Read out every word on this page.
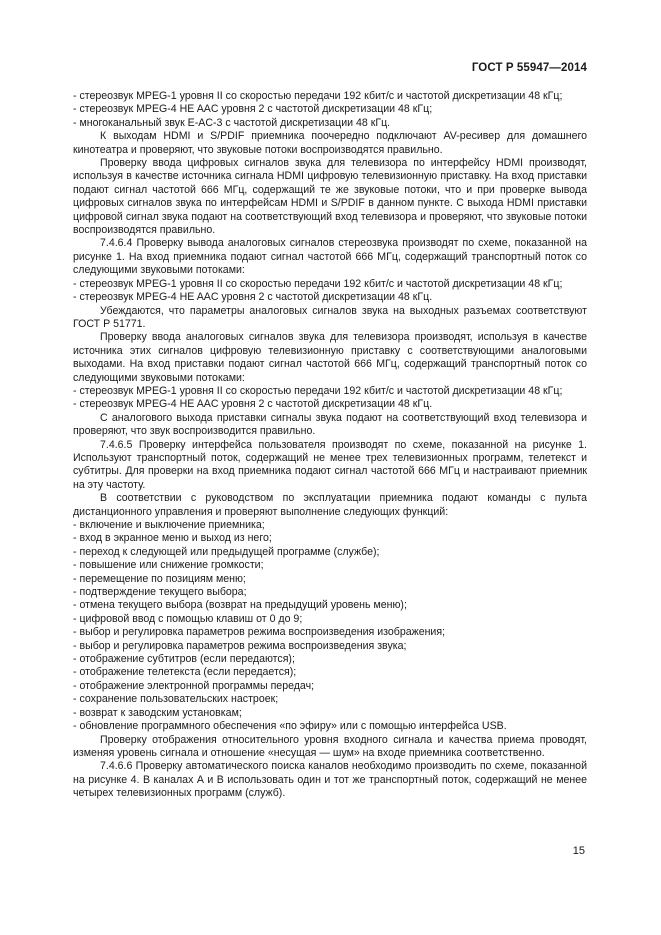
ГОСТ Р 55947—2014

- стереозвук MPEG-1 уровня II со скоростью передачи 192 кбит/с и частотой дискретизации 48 кГц;

- стереозвук MPEG-4 HE AAC уровня 2 с частотой дискретизации 48 кГц;

- многоканальный звук E-AC-3 с частотой дискретизации 48 кГц.

К выходам HDMI и S/PDIF приемника поочередно подключают AV-ресивер для домашнего кинотеатра и проверяют, что звуковые потоки воспроизводятся правильно.

Проверку ввода цифровых сигналов звука для телевизора по интерфейсу HDMI производят, используя в качестве источника сигнала HDMI цифровую телевизионную приставку. На вход приставки подают сигнал частотой 666 МГц, содержащий те же звуковые потоки, что и при проверке вывода цифровых сигналов звука по интерфейсам HDMI и S/PDIF в данном пункте. С выхода HDMI приставки цифровой сигнал звука подают на соответствующий вход телевизора и проверяют, что звуковые потоки воспроизводятся правильно.

7.4.6.4 Проверку вывода аналоговых сигналов стереозвука производят по схеме, показанной на рисунке 1. На вход приемника подают сигнал частотой 666 МГц, содержащий транспортный поток со следующими звуковыми потоками:

- стереозвук MPEG-1 уровня II со скоростью передачи 192 кбит/с и частотой дискретизации 48 кГц;

- стереозвук MPEG-4 HE AAC уровня 2 с частотой дискретизации 48 кГц.

Убеждаются, что параметры аналоговых сигналов звука на выходных разъемах соответствуют ГОСТ Р 51771.

Проверку ввода аналоговых сигналов звука для телевизора производят, используя в качестве источника этих сигналов цифровую телевизионную приставку с соответствующими аналоговыми выходами. На вход приставки подают сигнал частотой 666 МГц, содержащий транспортный поток со следующими звуковыми потоками:

- стереозвук MPEG-1 уровня II со скоростью передачи 192 кбит/с и частотой дискретизации 48 кГц;

- стереозвук MPEG-4 HE AAC уровня 2 с частотой дискретизации 48 кГц.

С аналогового выхода приставки сигналы звука подают на соответствующий вход телевизора и проверяют, что звук воспроизводится правильно.

7.4.6.5 Проверку интерфейса пользователя производят по схеме, показанной на рисунке 1. Используют транспортный поток, содержащий не менее трех телевизионных программ, телетекст и субтитры. Для проверки на вход приемника подают сигнал частотой 666 МГц и настраивают приемник на эту частоту.

В соответствии с руководством по эксплуатации приемника подают команды с пульта дистанционного управления и проверяют выполнение следующих функций:

- включение и выключение приемника;

- вход в экранное меню и выход из него;

- переход к следующей или предыдущей программе (службе);

- повышение или снижение громкости;

- перемещение по позициям меню;

- подтверждение текущего выбора;

- отмена текущего выбора (возврат на предыдущий уровень меню);

- цифровой ввод с помощью клавиш от 0 до 9;

- выбор и регулировка параметров режима воспроизведения изображения;

- выбор и регулировка параметров режима воспроизведения звука;

- отображение субтитров (если передаются);

- отображение телетекста (если передается);

- отображение электронной программы передач;

- сохранение пользовательских настроек;

- возврат к заводским установкам;

- обновление программного обеспечения «по эфиру» или с помощью интерфейса USB.

Проверку отображения относительного уровня входного сигнала и качества приема проводят, изменяя уровень сигнала и отношение «несущая — шум» на входе приемника соответственно.

7.4.6.6 Проверку автоматического поиска каналов необходимо производить по схеме, показанной на рисунке 4. В каналах А и В использовать один и тот же транспортный поток, содержащий не менее четырех телевизионных программ (служб).

15
